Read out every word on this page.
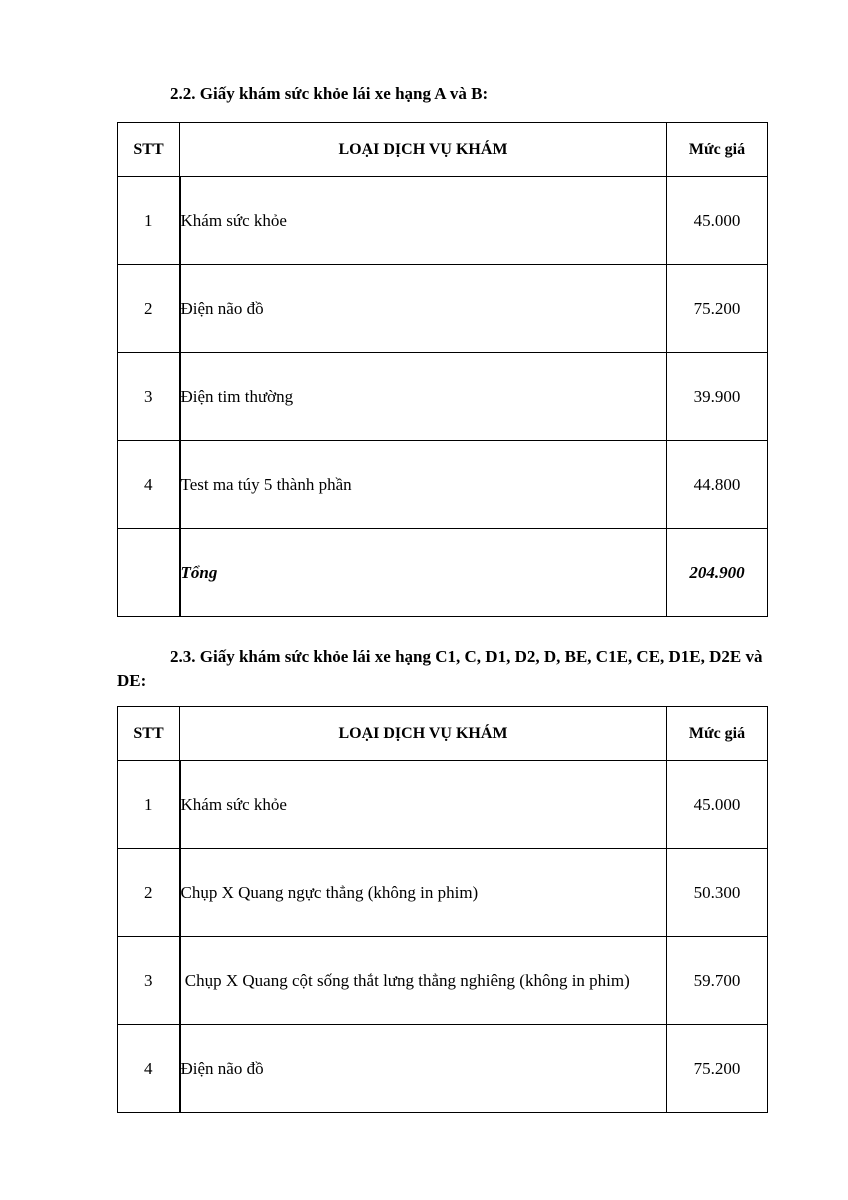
2.2. Giấy khám sức khỏe lái xe hạng A và B:

STT	LOẠI DỊCH VỤ KHÁM	Mức giá
1	Khám sức khỏe	45.000
2	Điện não đồ	75.200
3	Điện tim thường	39.900
4	Test ma túy 5 thành phần	44.800
	Tổng	204.900

2.3. Giấy khám sức khỏe lái xe hạng C1, C, D1, D2, D, BE, C1E, CE, D1E, D2E và DE:

STT	LOẠI DỊCH VỤ KHÁM	Mức giá
1	Khám sức khỏe	45.000
2	Chụp X Quang ngực thẳng (không in phim)	50.300
3	Chụp X Quang cột sống thắt lưng thẳng nghiêng (không in phim)	59.700
4	Điện não đồ	75.200
